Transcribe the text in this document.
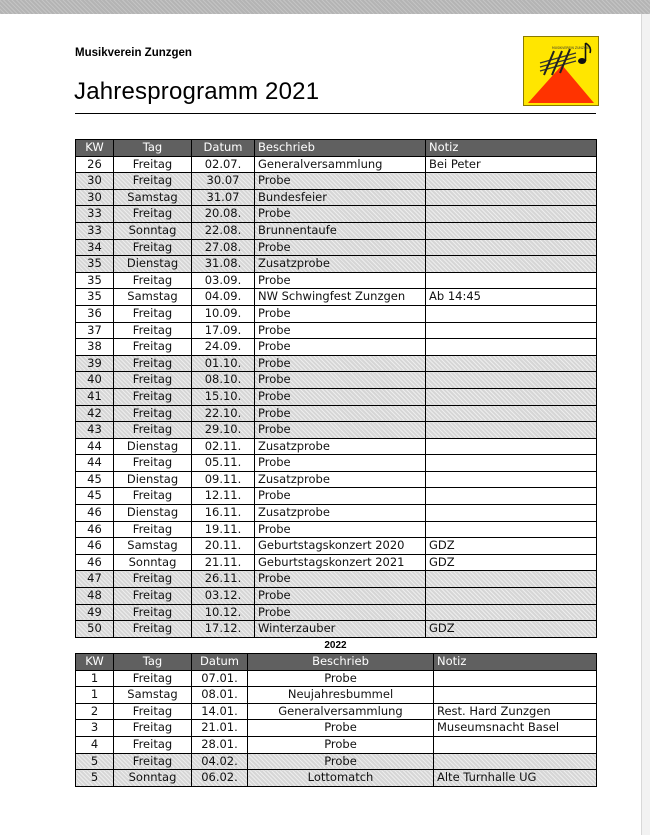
Musikverein Zunzgen
Jahresprogramm 2021
MUSIKVEREIN ZUNZGEN
KW	Tag	Datum	Beschrieb	Notiz
26	Freitag	02.07.	Generalversammlung	Bei Peter
30	Freitag	30.07	Probe	
30	Samstag	31.07	Bundesfeier	
33	Freitag	20.08.	Probe	
33	Sonntag	22.08.	Brunnentaufe	
34	Freitag	27.08.	Probe	
35	Dienstag	31.08.	Zusatzprobe	
35	Freitag	03.09.	Probe	
35	Samstag	04.09.	NW Schwingfest Zunzgen	Ab 14:45
36	Freitag	10.09.	Probe	
37	Freitag	17.09.	Probe	
38	Freitag	24.09.	Probe	
39	Freitag	01.10.	Probe	
40	Freitag	08.10.	Probe	
41	Freitag	15.10.	Probe	
42	Freitag	22.10.	Probe	
43	Freitag	29.10.	Probe	
44	Dienstag	02.11.	Zusatzprobe	
44	Freitag	05.11.	Probe	
45	Dienstag	09.11.	Zusatzprobe	
45	Freitag	12.11.	Probe	
46	Dienstag	16.11.	Zusatzprobe	
46	Freitag	19.11.	Probe	
46	Samstag	20.11.	Geburtstagskonzert 2020	GDZ
46	Sonntag	21.11.	Geburtstagskonzert 2021	GDZ
47	Freitag	26.11.	Probe	
48	Freitag	03.12.	Probe	
49	Freitag	10.12.	Probe	
50	Freitag	17.12.	Winterzauber	GDZ
2022
KW	Tag	Datum	Beschrieb	Notiz
1	Freitag	07.01.	Probe	
1	Samstag	08.01.	Neujahresbummel	
2	Freitag	14.01.	Generalversammlung	Rest. Hard Zunzgen
3	Freitag	21.01.	Probe	Museumsnacht Basel
4	Freitag	28.01.	Probe	
5	Freitag	04.02.	Probe	
5	Sonntag	06.02.	Lottomatch	Alte Turnhalle UG
